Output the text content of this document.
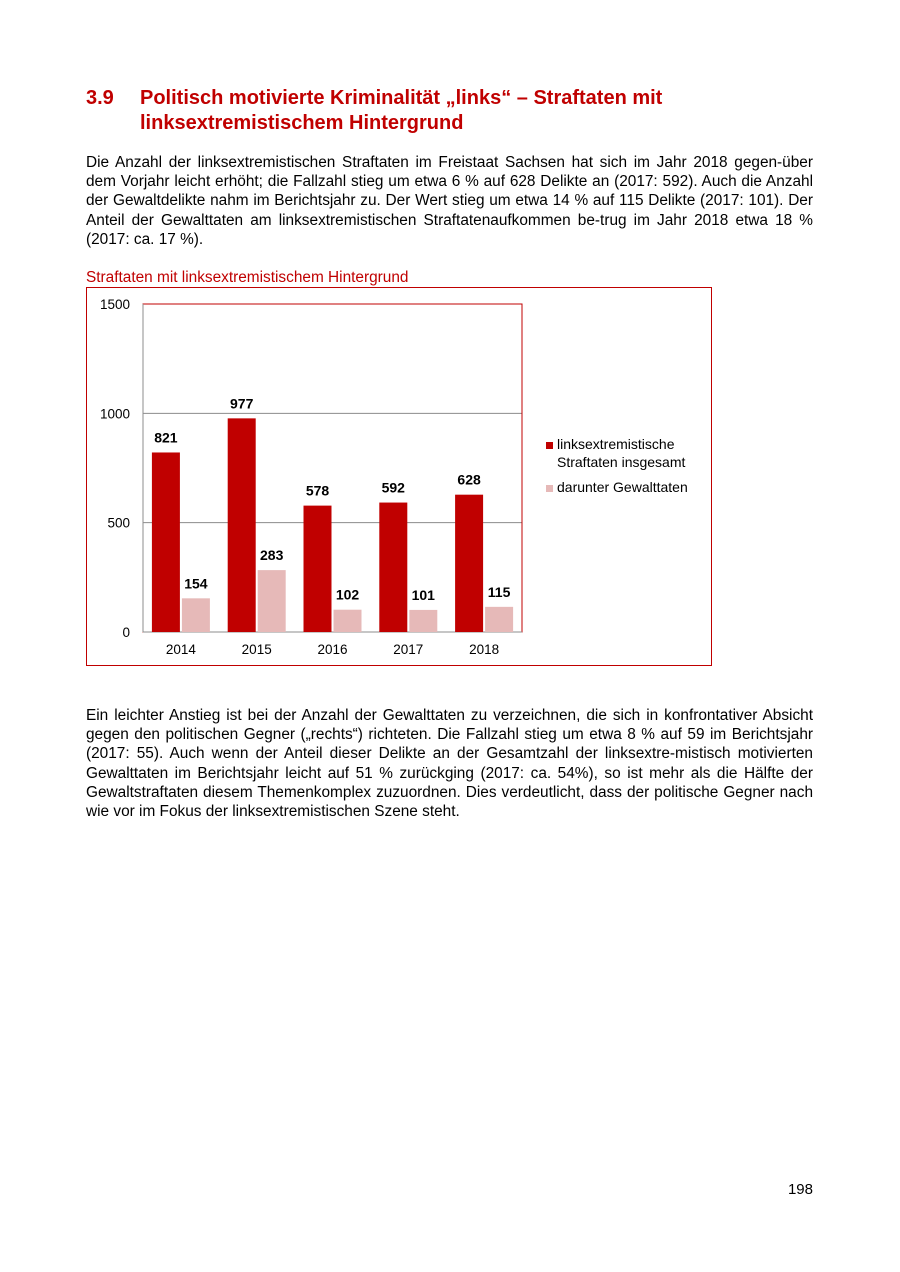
3.9 Politisch motivierte Kriminalität „links“ – Straftaten mit
linksextremistischem Hintergrund

Die Anzahl der linksextremistischen Straftaten im Freistaat Sachsen hat sich im Jahr 2018 gegen-über dem Vorjahr leicht erhöht; die Fallzahl stieg um etwa 6 % auf 628 Delikte an (2017: 592). Auch die Anzahl der Gewaltdelikte nahm im Berichtsjahr zu. Der Wert stieg um etwa 14 % auf 115 Delikte (2017: 101). Der Anteil der Gewalttaten am linksextremistischen Straftatenaufkommen be-trug im Jahr 2018 etwa 18 % (2017: ca. 17 %).

Straftaten mit linksextremistischem Hintergrund
0
500
1000
1500
821
154
2014
977
283
2015
578
102
2016
592
101
2017
628
115
2018
linksextremistische
Straftaten insgesamt
darunter Gewalttaten

Ein leichter Anstieg ist bei der Anzahl der Gewalttaten zu verzeichnen, die sich in konfrontativer Absicht gegen den politischen Gegner („rechts“) richteten. Die Fallzahl stieg um etwa 8 % auf 59 im Berichtsjahr (2017: 55). Auch wenn der Anteil dieser Delikte an der Gesamtzahl der linksextre-mistisch motivierten Gewalttaten im Berichtsjahr leicht auf 51 % zurückging (2017: ca. 54%), so ist mehr als die Hälfte der Gewaltstraftaten diesem Themenkomplex zuzuordnen. Dies verdeutlicht, dass der politische Gegner nach wie vor im Fokus der linksextremistischen Szene steht.

198
